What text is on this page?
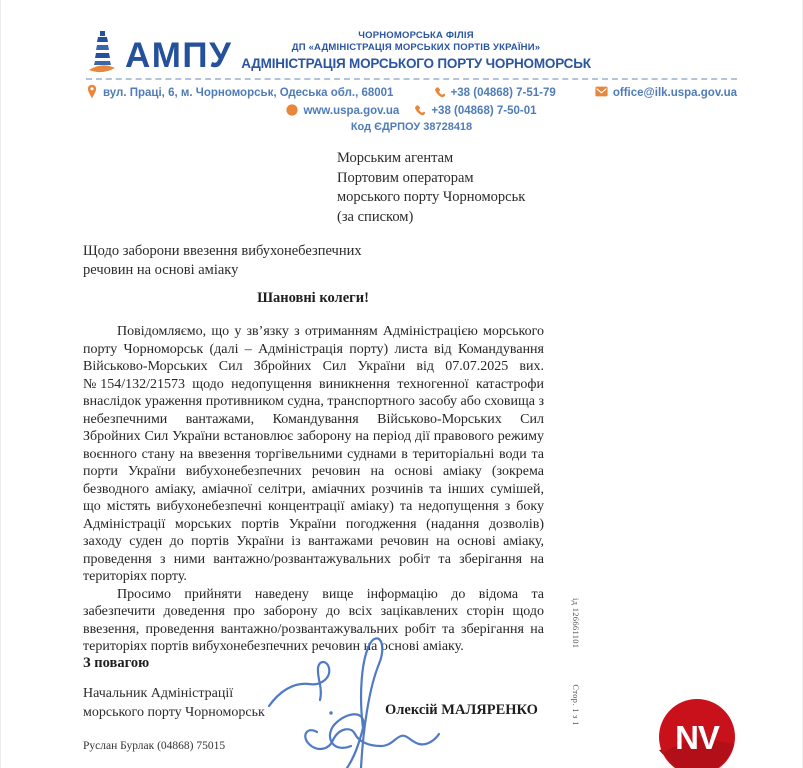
АМПУ
ЧОРНОМОРСЬКА ФІЛІЯ
ДП «АДМІНІСТРАЦІЯ МОРСЬКИХ ПОРТІВ УКРАЇНИ»
АДМІНІСТРАЦІЯ МОРСЬКОГО ПОРТУ ЧОРНОМОРСЬК
вул. Праці, 6, м. Чорноморськ, Одеська обл., 68001	+38 (04868) 7-51-79	office@ilk.uspa.gov.ua
www.uspa.gov.ua	+38 (04868) 7-50-01
Код ЄДРПОУ 38728418
Морським агентам
Портовим операторам
морського порту Чорноморськ
(за списком)
Щодо заборони ввезення вибухонебезпечних речовин на основі аміаку
Шановні колеги!

Повідомляємо, що у зв’язку з отриманням Адміністрацією морського порту Чорноморськ (далі – Адміністрація порту) листа від Командування Військово-Морських Сил Збройних Сил України від 07.07.2025 вих. №154/132/21573 щодо недопущення виникнення техногенної катастрофи внаслідок ураження противником судна, транспортного засобу або сховища з небезпечними вантажами, Командування Військово-Морських Сил Збройних Сил України встановлює заборону на період дії правового режиму воєнного стану на ввезення торгівельними суднами в територіальні води та порти України вибухонебезпечних речовин на основі аміаку (зокрема безводного аміаку, аміачної селітри, аміачних розчинів та інших сумішей, що містять вибухонебезпечні концентрації аміаку) та недопущення з боку Адміністрації морських портів України погодження (надання дозволів) заходу суден до портів України із вантажами речовин на основі аміаку, проведення з ними вантажно/розвантажувальних робіт та зберігання на територіях порту.

Просимо прийняти наведену вище інформацію до відома та забезпечити доведення про заборону до всіх зацікавлених сторін щодо ввезення, проведення вантажно/розвантажувальних робіт та зберігання на територіях портів вибухонебезпечних речовин на основі аміаку.

З повагою
Начальник Адміністрації
морського порту Чорноморськ	Олексій МАЛЯРЕНКО
Руслан Бурлак (04868) 75015
ід 126661101Стор. 1 з 1
NV
